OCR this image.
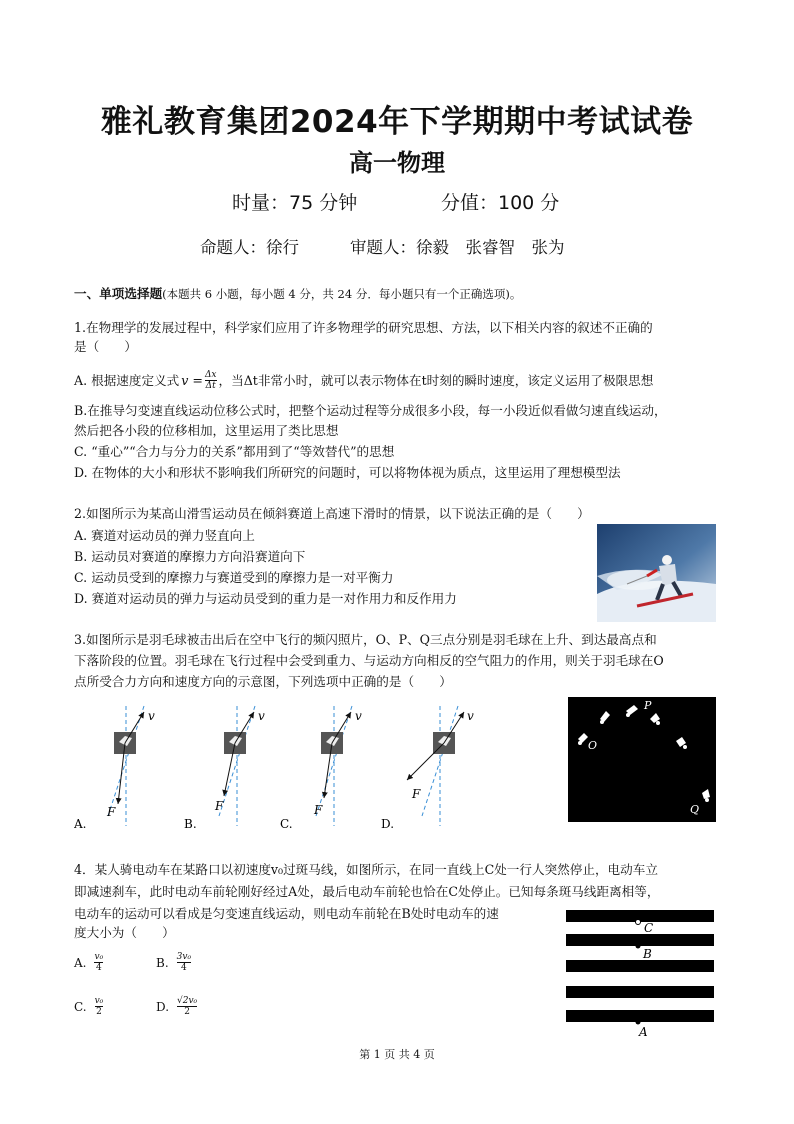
雅礼教育集团2024年下学期期中考试试卷
高一物理
时量：75 分钟	分值：100 分
命题人：徐行	审题人：徐毅　张睿智　张为
一、单项选择题(本题共 6 小题，每小题 4 分，共 24 分．每小题只有一个正确选项)。
1.在物理学的发展过程中，科学家们应用了许多物理学的研究思想、方法，以下相关内容的叙述不正确的
是（　　）
A. 根据速度定义式 $v = \frac{\Delta x}{\Delta t}$ ，当Δt非常小时，就可以表示物体在t时刻的瞬时速度，该定义运用了极限思想
B.在推导匀变速直线运动位移公式时，把整个运动过程等分成很多小段，每一小段近似看做匀速直线运动，
然后把各小段的位移相加，这里运用了类比思想
C. “重心”“合力与分力的关系”都用到了“等效替代”的思想
D. 在物体的大小和形状不影响我们所研究的问题时，可以将物体视为质点，这里运用了理想模型法
2.如图所示为某高山滑雪运动员在倾斜赛道上高速下滑时的情景，以下说法正确的是（　　）
A. 赛道对运动员的弹力竖直向上
B. 运动员对赛道的摩擦力方向沿赛道向下
C. 运动员受到的摩擦力与赛道受到的摩擦力是一对平衡力
D. 赛道对运动员的弹力与运动员受到的重力是一对作用力和反作用力
3.如图所示是羽毛球被击出后在空中飞行的频闪照片，O、P、Q三点分别是羽毛球在上升、到达最高点和
下落阶段的位置。羽毛球在飞行过程中会受到重力、与运动方向相反的空气阻力的作用，则关于羽毛球在O
点所受合力方向和速度方向的示意图，下列选项中正确的是（　　）
v
F
A.
v
F
B.
v
F
C.
v
F
D.
O
P
Q
4．某人骑电动车在某路口以初速度v₀过斑马线，如图所示，在同一直线上C处一行人突然停止，电动车立
即减速刹车，此时电动车前轮刚好经过A处，最后电动车前轮也恰在C处停止。已知每条斑马线距离相等，
电动车的运动可以看成是匀变速直线运动，则电动车前轮在B处时电动车的速
度大小为（　　）
A. $\frac{\text{v₀}}{4}$	B. $\frac{\text{3v₀}}{4}$
C. $\frac{\text{v₀}}{2}$	D. $\frac{\text{√2v₀}}{2}$
C
B
A
第 1 页 共 4 页
